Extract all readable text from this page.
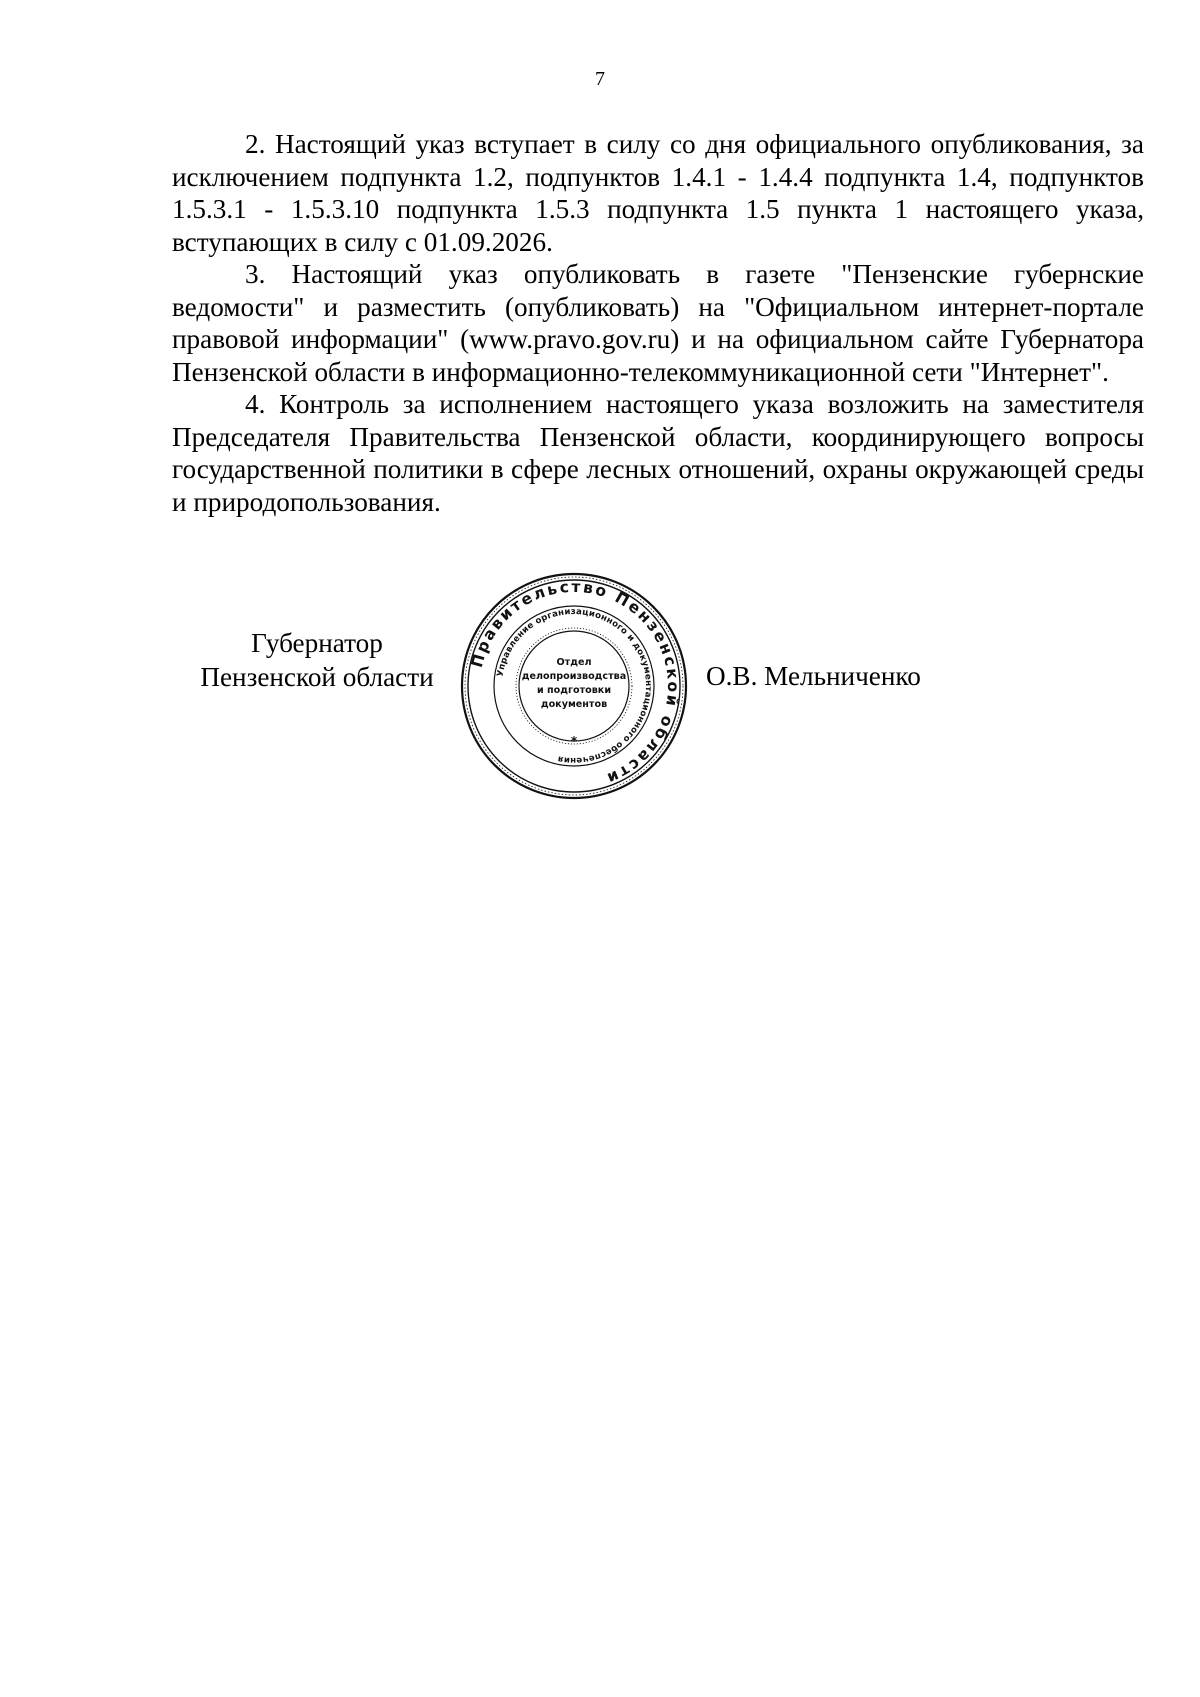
7

2. Настоящий указ вступает в силу со дня официального опубликования, за исключением подпункта 1.2, подпунктов 1.4.1 - 1.4.4 подпункта 1.4, подпунктов 1.5.3.1 - 1.5.3.10 подпункта 1.5.3 подпункта 1.5 пункта 1 настоящего указа, вступающих в силу с 01.09.2026.

3. Настоящий указ опубликовать в газете "Пензенские губернские ведомости" и разместить (опубликовать) на "Официальном интернет-портале правовой информации" (www.pravo.gov.ru) и на официальном сайте Губернатора Пензенской области в информационно-телекоммуникационной сети "Интернет".

4. Контроль за исполнением настоящего указа возложить на заместителя Председателя Правительства Пензенской области, координирующего вопросы государственной политики в сфере лесных отношений, охраны окружающей среды и природопользования.

Губернатор
Пензенской области
Правительство Пензенской области
Управление организационного и документационного обеспечения
*
Отдел
делопроизводства
и подготовки
документов
О.В. Мельниченко
